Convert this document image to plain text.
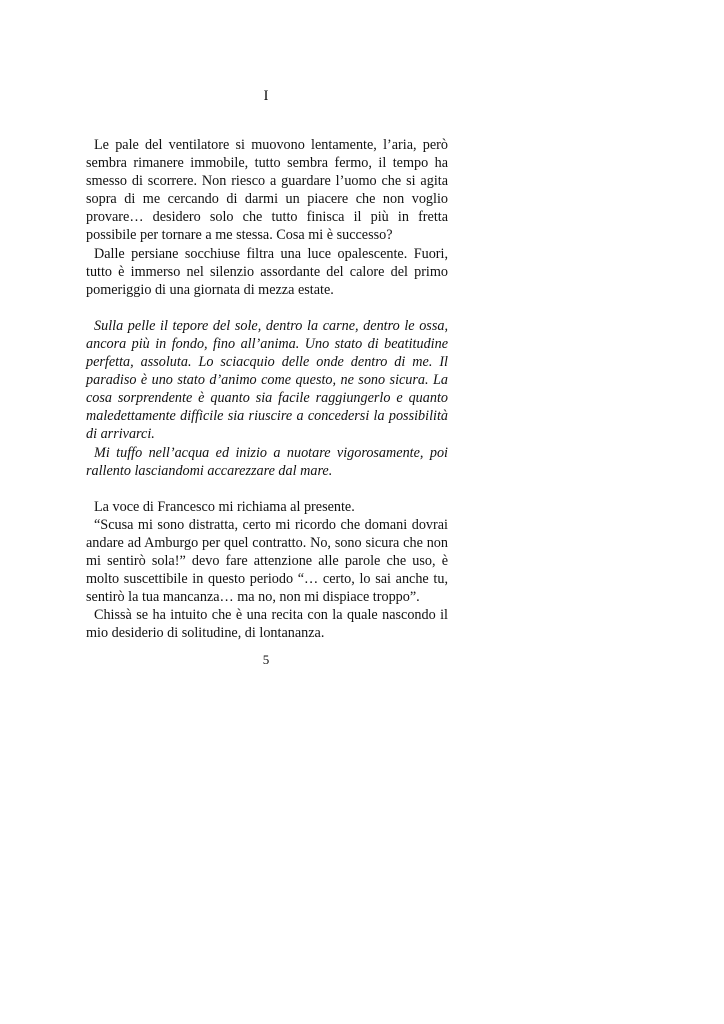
I

Le pale del ventilatore si muovono lentamente, l’aria, però sembra rimanere immobile, tutto sembra fermo, il tempo ha smesso di scorrere. Non riesco a guardare l’uomo che si agita sopra di me cercando di darmi un piacere che non voglio provare… desidero solo che tutto finisca il più in fretta possibile per tornare a me stessa. Cosa mi è successo?

Dalle persiane socchiuse filtra una luce opalescente. Fuori, tutto è immerso nel silenzio assordante del calore del primo pomeriggio di una giornata di mezza estate.

Sulla pelle il tepore del sole, dentro la carne, dentro le ossa, ancora più in fondo, fino all’anima. Uno stato di beatitudine perfetta, assoluta. Lo sciacquio delle onde dentro di me. Il paradiso è uno stato d’animo come questo, ne sono sicura. La cosa sorprendente è quanto sia facile raggiungerlo e quanto maledettamente difficile sia riuscire a concedersi la possibilità di arrivarci.

Mi tuffo nell’acqua ed inizio a nuotare vigorosamente, poi rallento lasciandomi accarezzare dal mare.

La voce di Francesco mi richiama al presente.

“Scusa mi sono distratta, certo mi ricordo che domani dovrai andare ad Amburgo per quel contratto. No, sono sicura che non mi sentirò sola!” devo fare attenzione alle parole che uso, è molto suscettibile in questo periodo “… certo, lo sai anche tu, sentirò la tua mancanza… ma no, non mi dispiace troppo”.

Chissà se ha intuito che è una recita con la quale nascondo il mio desiderio di solitudine, di lontananza.

5
